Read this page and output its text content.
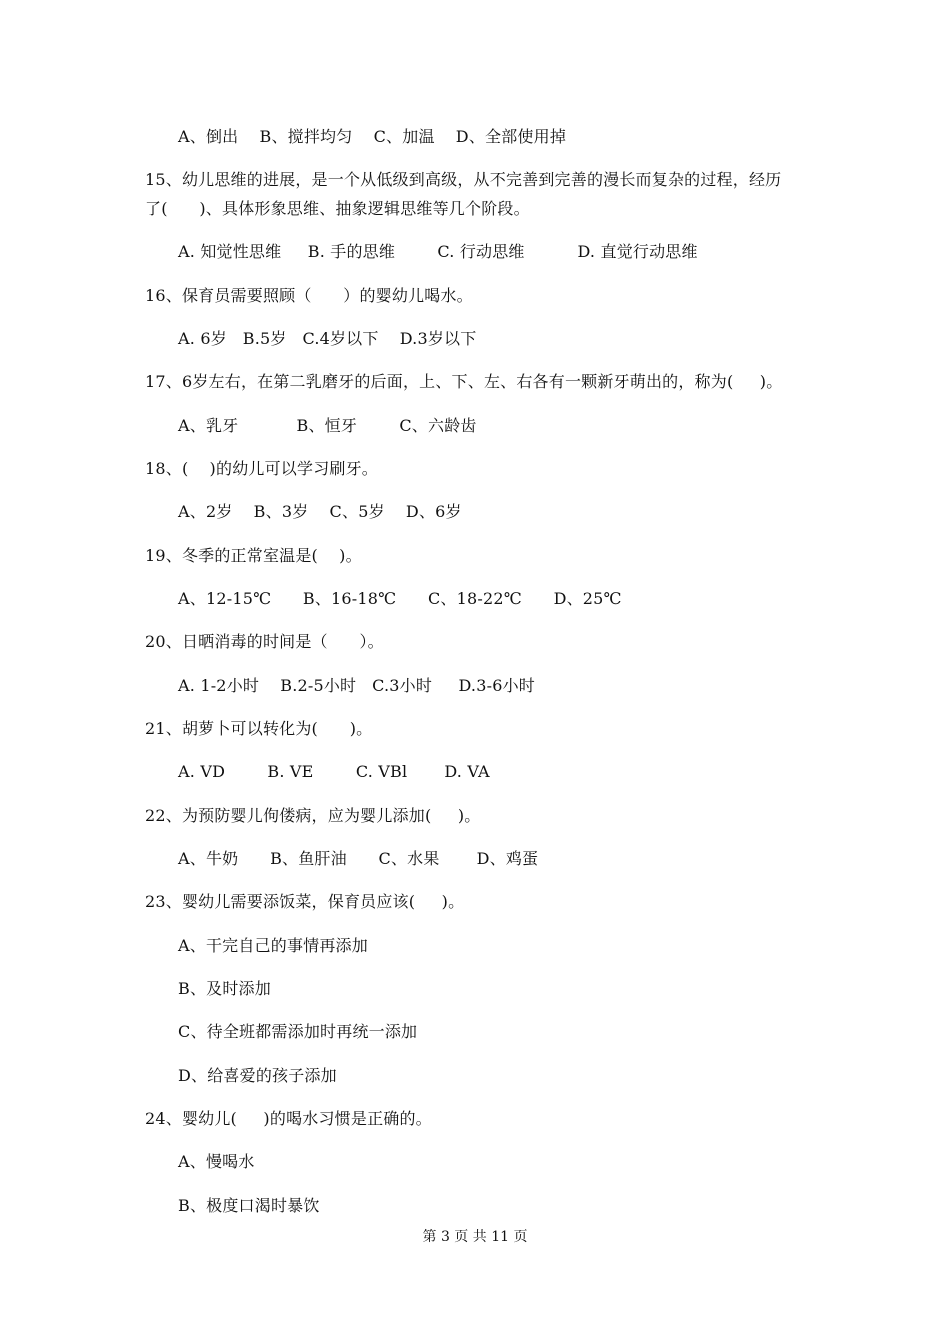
A、倒出    B、搅拌均匀    C、加温    D、全部使用掉
15、幼儿思维的进展，是一个从低级到高级，从不完善到完善的漫长而复杂的过程，经历
了(      )、具体形象思维、抽象逻辑思维等几个阶段。
A. 知觉性思维     B. 手的思维        C. 行动思维          D. 直觉行动思维
16、保育员需要照顾（      ）的婴幼儿喝水。
A. 6岁   B.5岁   C.4岁以下    D.3岁以下
17、6岁左右，在第二乳磨牙的后面，上、下、左、右各有一颗新牙萌出的，称为(     )。
A、乳牙           B、恒牙        C、六龄齿
18、(    )的幼儿可以学习刷牙。
A、2岁    B、3岁    C、5岁    D、6岁
19、冬季的正常室温是(    )。
A、12-15℃      B、16-18℃      C、18-22℃      D、25℃
20、日晒消毒的时间是（      ）。
A. 1-2小时    B.2-5小时   C.3小时     D.3-6小时
21、胡萝卜可以转化为(      )。
A. VD        B. VE        C. VBl       D. VA
22、为预防婴儿佝偻病，应为婴儿添加(     )。
A、牛奶      B、鱼肝油      C、水果       D、鸡蛋
23、婴幼儿需要添饭菜，保育员应该(     )。
A、干完自己的事情再添加
B、及时添加
C、待全班都需添加时再统一添加
D、给喜爱的孩子添加
24、婴幼儿(     )的喝水习惯是正确的。
A、慢喝水
B、极度口渴时暴饮
第 3 页 共 11 页
